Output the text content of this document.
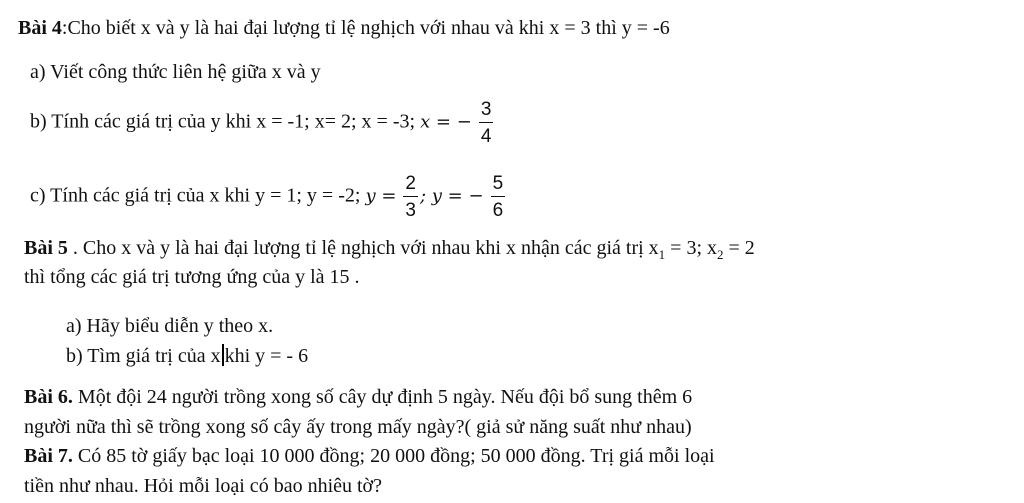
Bài 4:Cho biết x và y là hai đại lượng tỉ lệ nghịch với nhau và khi x = 3 thì y = -6
a) Viết công thức liên hệ giữa x và y
b) Tính các giá trị của y khi x = -1; x= 2; x = -3; x = − $\frac{3}{4}$
c) Tính các giá trị của x khi y = 1; y = -2; $y = \frac{2}{3}$ ; y = − $\frac{5}{6}$
Bài 5 . Cho x và y là hai đại lượng tỉ lệ nghịch với nhau khi x nhận các giá trị $x_1 = 3$; $x_2 = 2$
thì tổng các giá trị tương ứng của y là 15 .
a) Hãy biểu diễn y theo x.
b) Tìm giá trị của x khi y = - 6
Bài 6. Một đội 24 người trồng xong số cây dự định 5 ngày. Nếu đội bổ sung thêm 6
người nữa thì sẽ trồng xong số cây ấy trong mấy ngày?( giả sử năng suất như nhau)
Bài 7. Có 85 tờ giấy bạc loại 10 000 đồng; 20 000 đồng; 50 000 đồng. Trị giá mỗi loại
tiền như nhau. Hỏi mỗi loại có bao nhiêu tờ?
